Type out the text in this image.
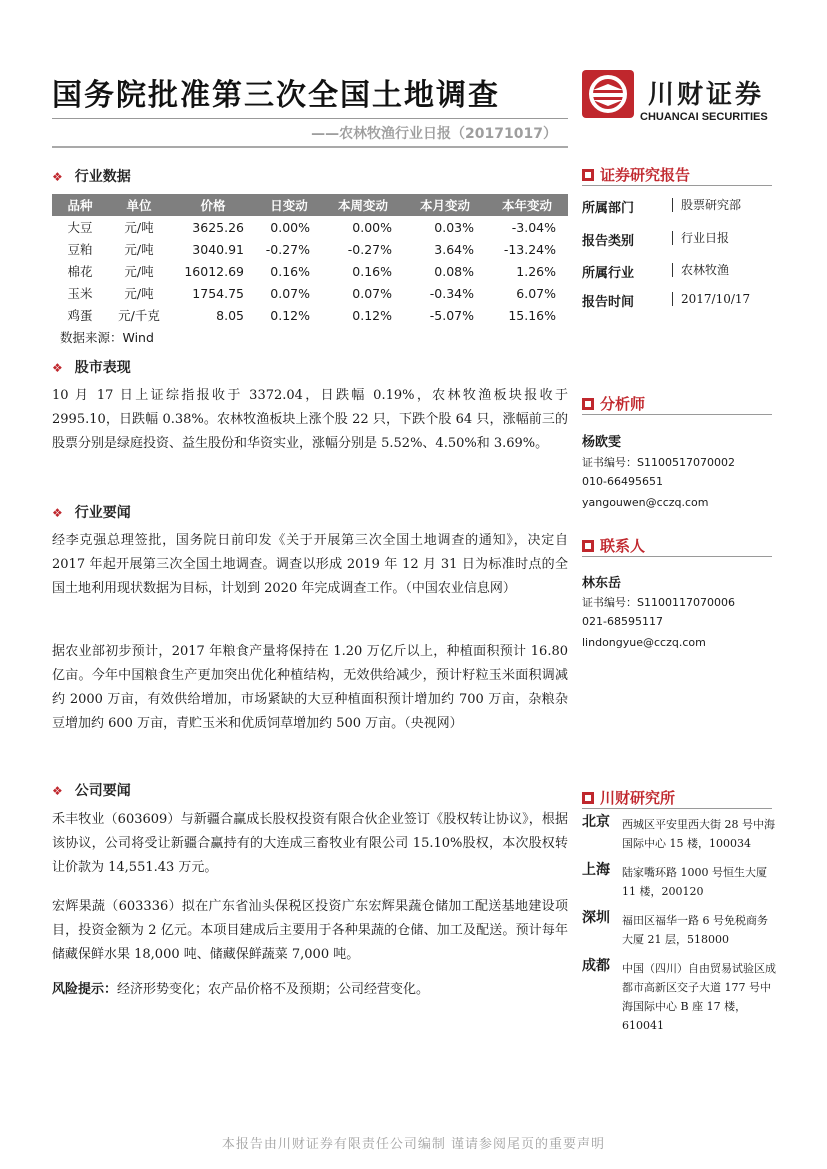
国务院批准第三次全国土地调查
——农林牧渔行业日报（20171017）
川财证券
CHUANCAI SECURITIES
❖ 行业数据
品种	单位	价格	日变动	本周变动	本月变动	本年变动
大豆	元/吨	3625.26	0.00%	0.00%	0.03%	-3.04%
豆粕	元/吨	3040.91	-0.27%	-0.27%	3.64%	-13.24%
棉花	元/吨	16012.69	0.16%	0.16%	0.08%	1.26%
玉米	元/吨	1754.75	0.07%	0.07%	-0.34%	6.07%
鸡蛋	元/千克	8.05	0.12%	0.12%	-5.07%	15.16%
数据来源：Wind						
❖ 股市表现

10 月 17 日上证综指报收于 3372.04，日跌幅 0.19%，农林牧渔板块报收于 2995.10，日跌幅 0.38%。农林牧渔板块上涨个股 22 只，下跌个股 64 只，涨幅前三的股票分别是绿庭投资、益生股份和华资实业，涨幅分别是 5.52%、4.50%和 3.69%。

❖ 行业要闻

经李克强总理签批，国务院日前印发《关于开展第三次全国土地调查的通知》，决定自 2017 年起开展第三次全国土地调查。调查以形成 2019 年 12 月 31 日为标准时点的全国土地利用现状数据为目标，计划到 2020 年完成调查工作。（中国农业信息网）

据农业部初步预计，2017 年粮食产量将保持在 1.20 万亿斤以上，种植面积预计 16.80 亿亩。今年中国粮食生产更加突出优化种植结构，无效供给减少，预计籽粒玉米面积调减约 2000 万亩，有效供给增加，市场紧缺的大豆种植面积预计增加约 700 万亩，杂粮杂豆增加约 600 万亩，青贮玉米和优质饲草增加约 500 万亩。（央视网）

❖ 公司要闻

禾丰牧业（603609）与新疆合赢成长股权投资有限合伙企业签订《股权转让协议》，根据该协议，公司将受让新疆合赢持有的大连成三畜牧业有限公司 15.10%股权，本次股权转让价款为 14,551.43 万元。

宏辉果蔬（603336）拟在广东省汕头保税区投资广东宏辉果蔬仓储加工配送基地建设项目，投资金额为 2 亿元。本项目建成后主要用于各种果蔬的仓储、加工及配送。预计每年储藏保鲜水果 18,000 吨、储藏保鲜蔬菜 7,000 吨。

风险提示：经济形势变化；农产品价格不及预期；公司经营变化。

证券研究报告
所属部门	股票研究部
报告类别	行业日报
所属行业	农林牧渔
报告时间	2017/10/17
分析师
杨欧雯
证书编号：S1100517070002
010-66495651
yangouwen@cczq.com
联系人
林东岳
证书编号：S1100117070006
021-68595117
lindongyue@cczq.com
川财研究所
北京 西城区平安里西大街 28 号中海国际中心 15 楼，100034
上海 陆家嘴环路 1000 号恒生大厦 11 楼，200120
深圳 福田区福华一路 6 号免税商务大厦 21 层，518000
成都 中国（四川）自由贸易试验区成都市高新区交子大道 177 号中海国际中心 B 座 17 楼，610041
本报告由川财证券有限责任公司编制 谨请参阅尾页的重要声明
